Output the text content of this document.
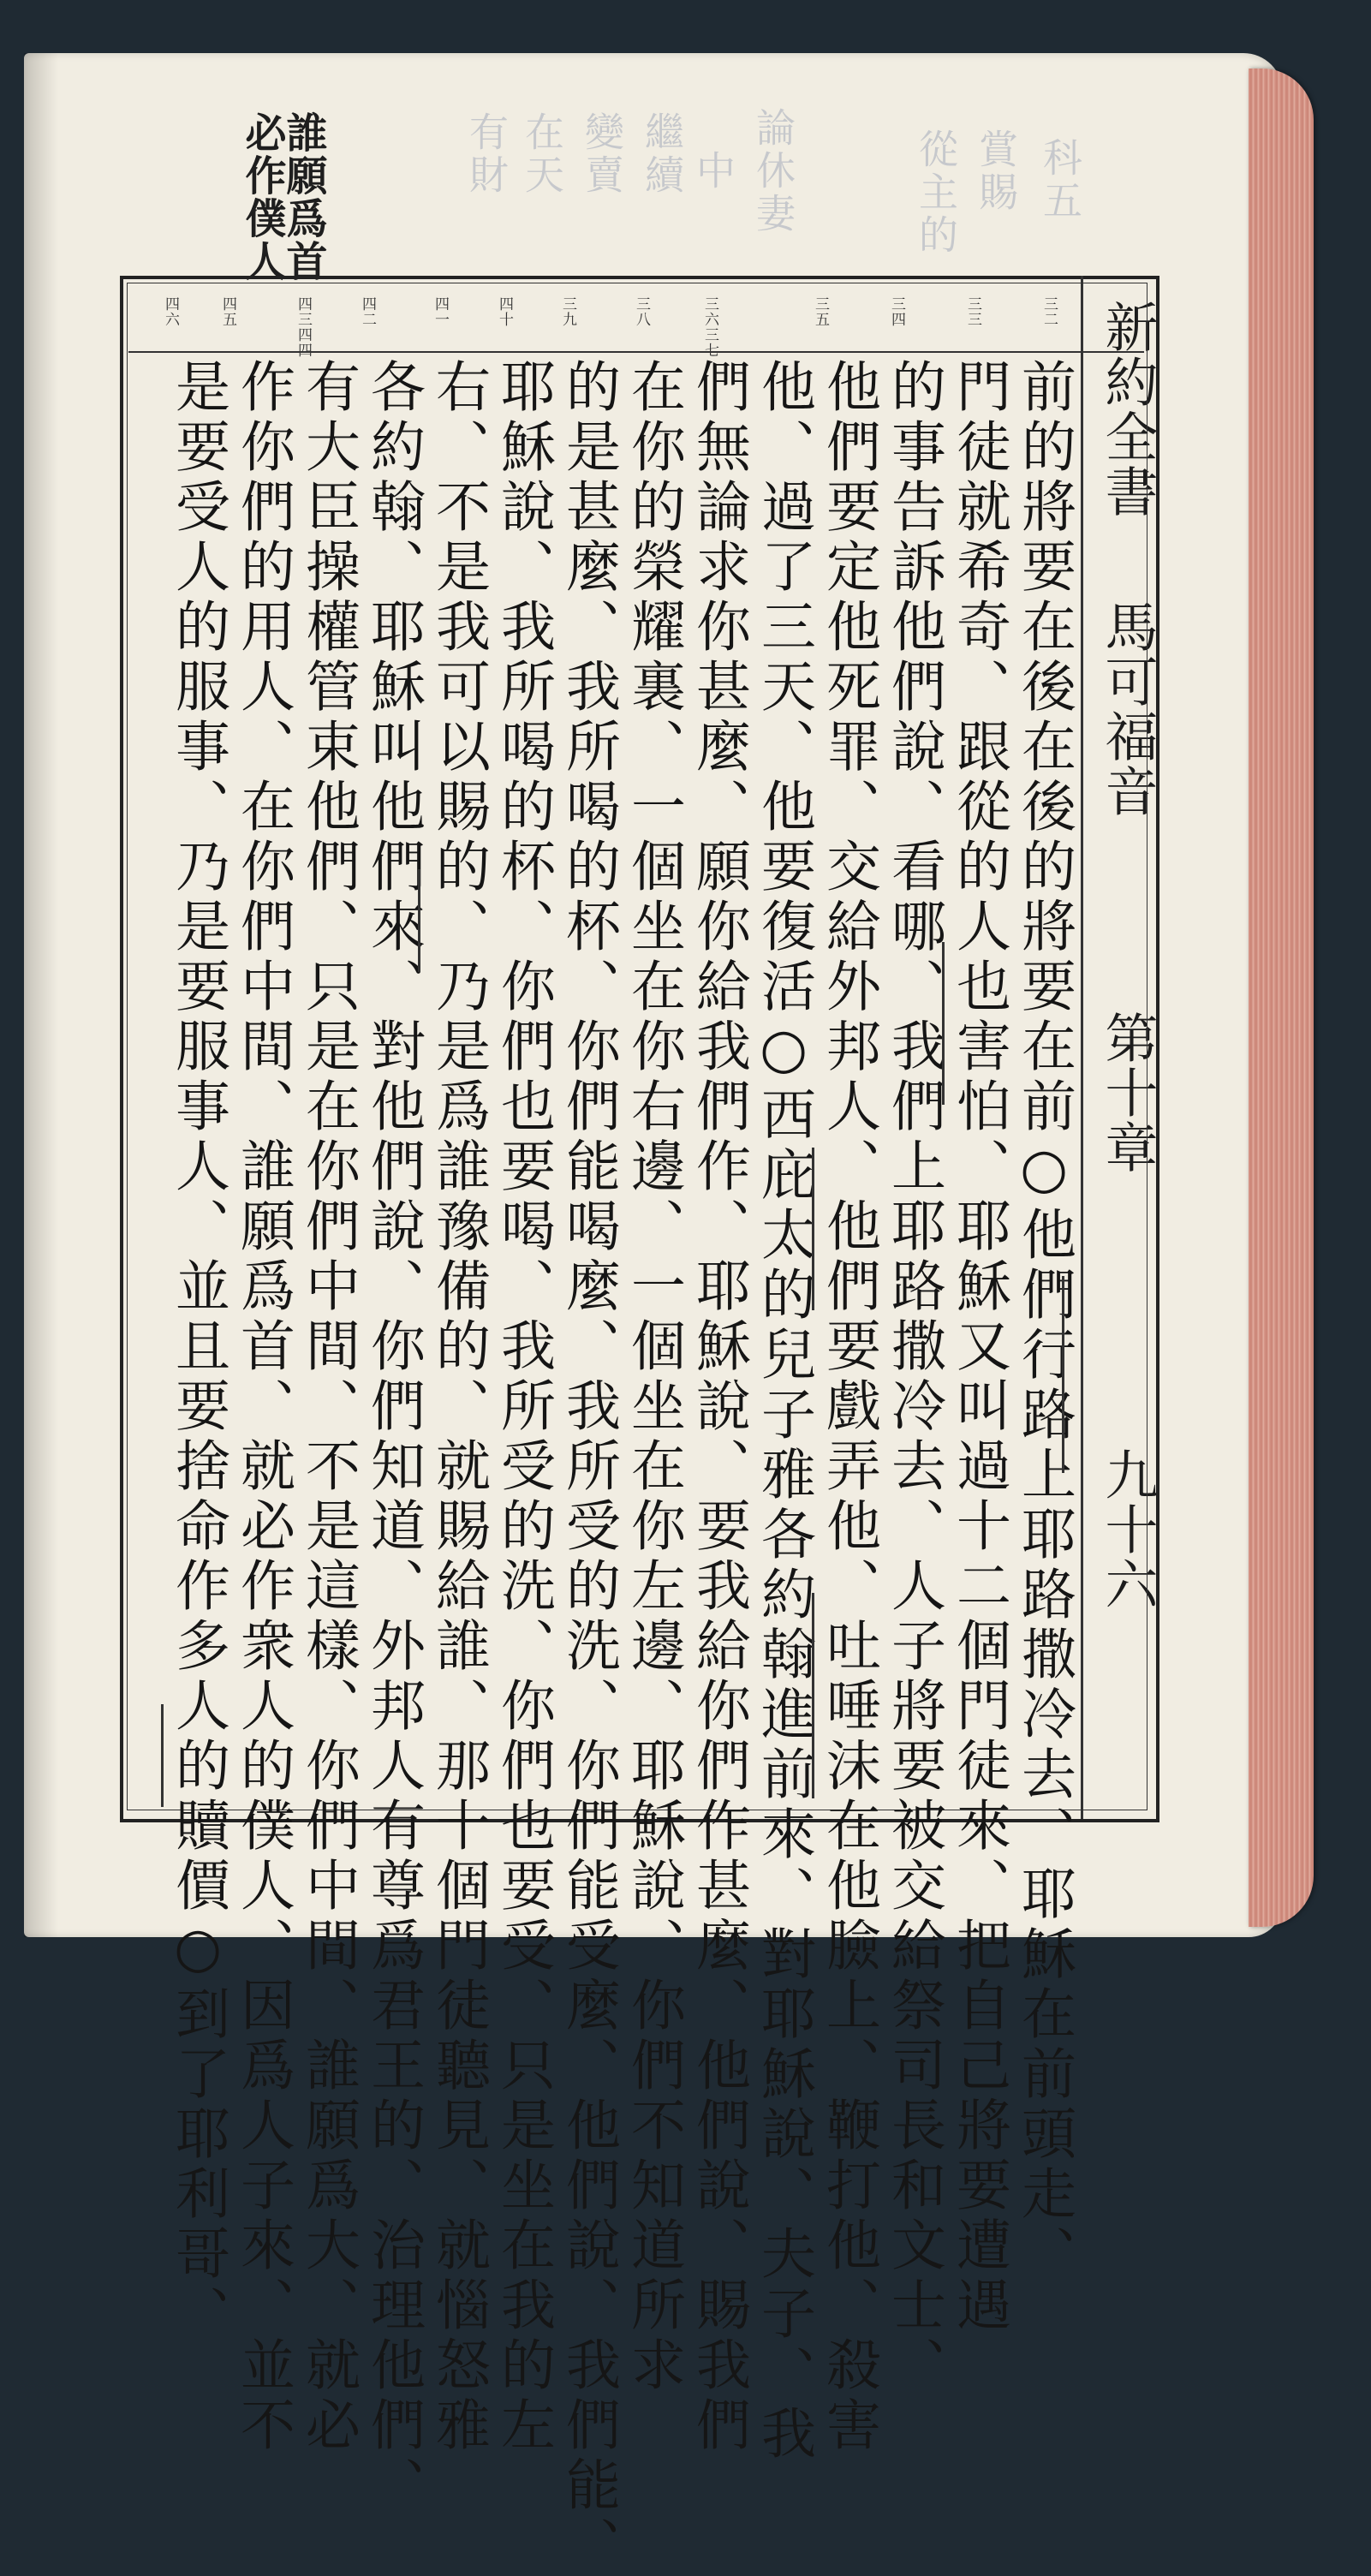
賞賜
從主的 科五
變賣
在天
有財	繼續 論休妻
中
誰願爲首
必作僕人
新約全書
馬可福音
第十章
九十六
三二
三三
三四
三五
三六三七
三八
三九
四十
四一
四二
四三四四
四五
四六
前的將要在後在後的將要在前○他們行路上耶路撒冷去、耶穌在前頭走、
門徒就希奇、跟從的人也害怕、耶穌又叫過十二個門徒來、把自己將要遭遇
的事告訴他們說、看哪、我們上耶路撒冷去、人子將要被交給祭司長和文士、
他們要定他死罪、交給外邦人、他們要戲弄他、吐唾沫在他臉上、鞭打他、殺害
他、過了三天、他要復活○西庇太的兒子雅各約翰進前來、對耶穌說、夫子、我
們無論求你甚麼、願你給我們作、耶穌說、要我給你們作甚麼、他們說、賜我們
在你的榮耀裏、一個坐在你右邊、一個坐在你左邊、耶穌說、你們不知道所求
的是甚麼、我所喝的杯、你們能喝麼、我所受的洗、你們能受麼、他們說、我們能、
耶穌說、我所喝的杯、你們也要喝、我所受的洗、你們也要受、只是坐在我的左
右、不是我可以賜的、乃是爲誰豫備的、就賜給誰、那十個門徒聽見、就惱怒雅
各約翰、耶穌叫他們來、對他們說、你們知道、外邦人有尊爲君王的、治理他們、
有大臣操權管束他們、只是在你們中間、不是這樣、你們中間、誰願爲大、就必
作你們的用人、在你們中間、誰願爲首、就必作衆人的僕人、因爲人子來、並不
是要受人的服事、乃是要服事人、並且要捨命作多人的贖價○到了耶利哥、
